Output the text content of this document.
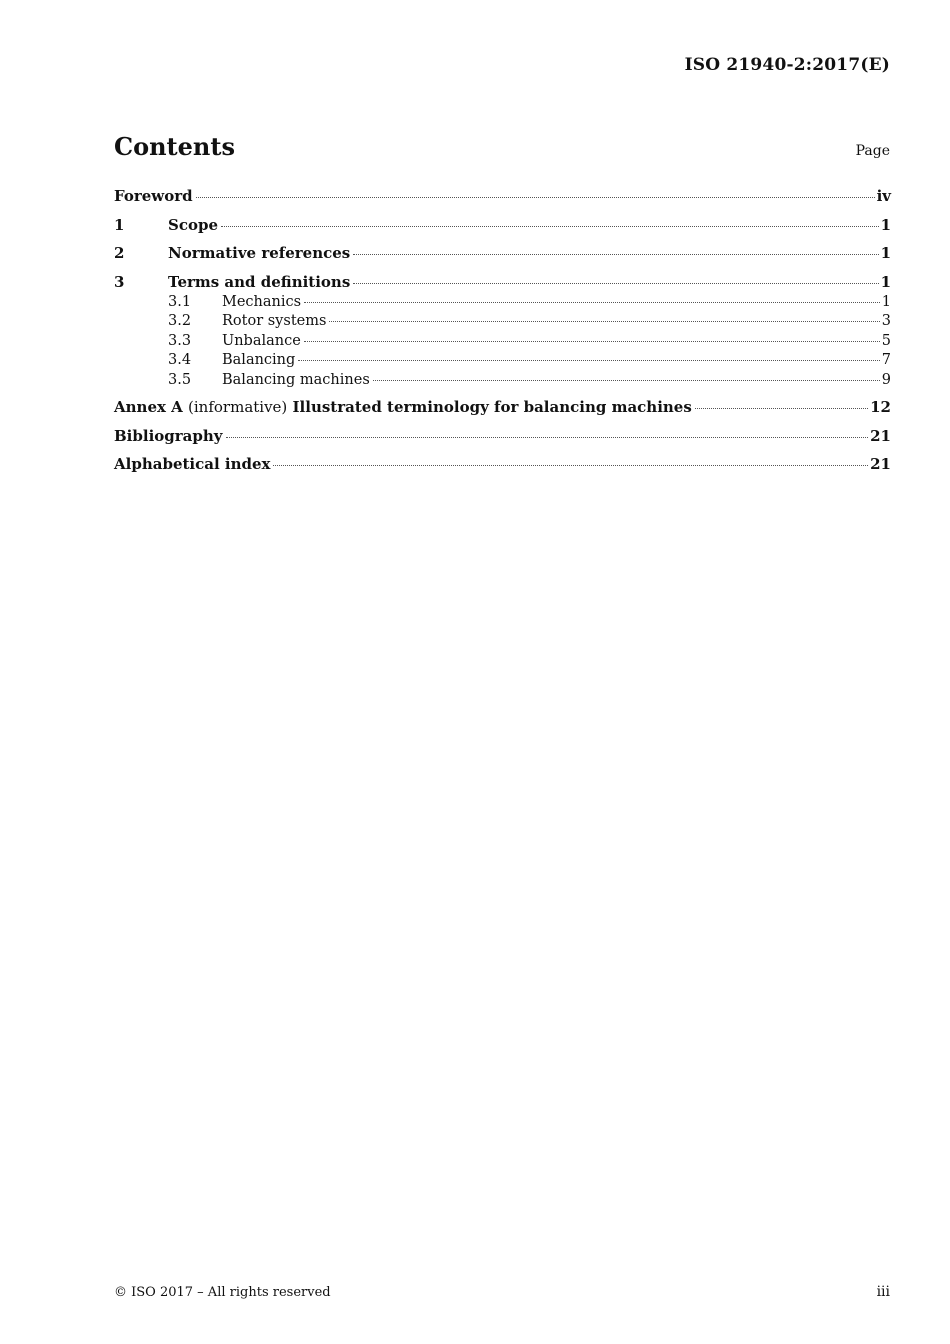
ISO 21940-2:2017(E)
Contents	Page
Foreword	iv
1	Scope	1
2	Normative references	1
3	Terms and definitions	1
3.1	Mechanics	1
3.2	Rotor systems	3
3.3	Unbalance	5
3.4	Balancing	7
3.5	Balancing machines	9
Annex A (informative) Illustrated terminology for balancing machines	12
Bibliography	21
Alphabetical index	21
© ISO 2017 – All rights reserved	iii
